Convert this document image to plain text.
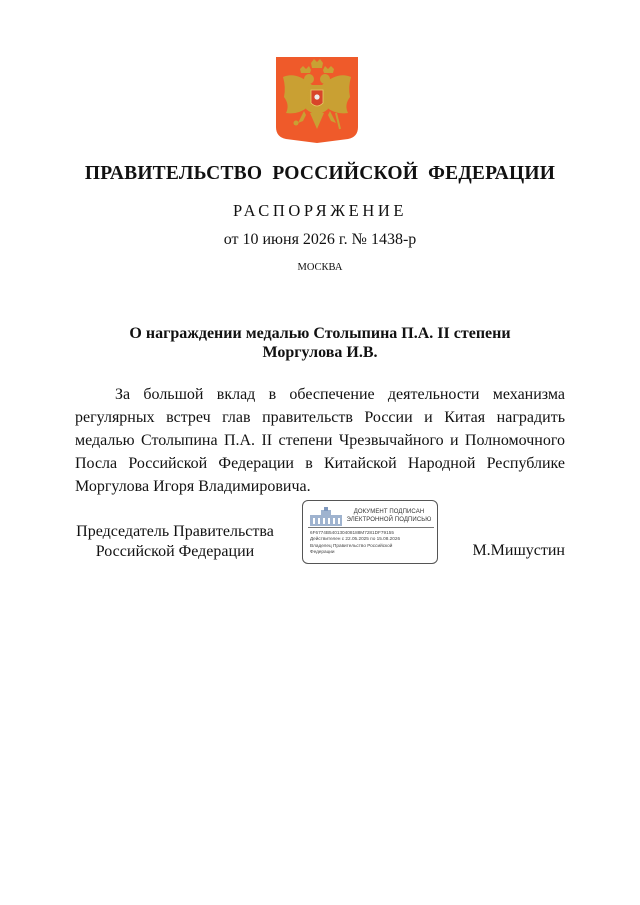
ПРАВИТЕЛЬСТВО РОССИЙСКОЙ ФЕДЕРАЦИИ
РАСПОРЯЖЕНИЕ
от 10 июня 2026 г. № 1438-р
МОСКВА
О награждении медалью Столыпина П.А. II степени
Моргулова И.В.
За большой вклад в обеспечение деятельности механизма
регулярных встреч глав правительств России и Китая наградить
медалью Столыпина П.А. II степени Чрезвычайного и Полномочного
Посла Российской Федерации в Китайской Народной Республике
Моргулова Игоря Владимировича.
Председатель Правительства
Российской Федерации
ДОКУМЕНТ ПОДПИСАН
ЭЛЕКТРОННОЙ ПОДПИСЬЮ
6F6774B540130408188M7281DF79155
Действителен с 22.05.2025 по 15.08.2026
Владелец Правительство Российской
Федерации	М.Мишустин
